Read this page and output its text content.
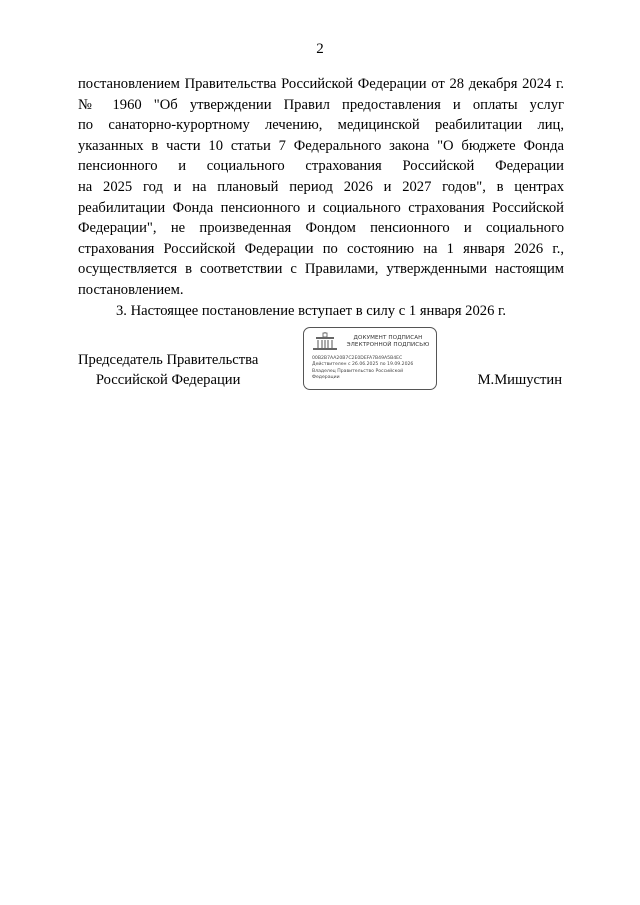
2

постановлением Правительства Российской Федерации от 28 декабря 2024 г.
№ 1960 "Об утверждении Правил предоставления и оплаты услуг
по санаторно-курортному лечению, медицинской реабилитации лиц,
указанных в части 10 статьи 7 Федерального закона "О бюджете Фонда
пенсионного и социального страхования Российской Федерации
на 2025 год и на плановый период 2026 и 2027 годов", в центрах
реабилитации Фонда пенсионного и социального страхования Российской
Федерации", не произведенная Фондом пенсионного и социального
страхования Российской Федерации по состоянию на 1 января 2026 г.,
осуществляется в соответствии с Правилами, утвержденными настоящим
постановлением.

3. Настоящее постановление вступает в силу с 1 января 2026 г.

Председатель Правительства
Российской Федерации
ДОКУМЕНТ ПОДПИСАН
ЭЛЕКТРОННОЙ ПОДПИСЬЮ
00B2B7AA20B7C2E0DEFA7B49A5B4EC
Действителен с 26.06.2025 по 19.09.2026
Владелец Правительство Российской
Федерации	М.Мишустин
